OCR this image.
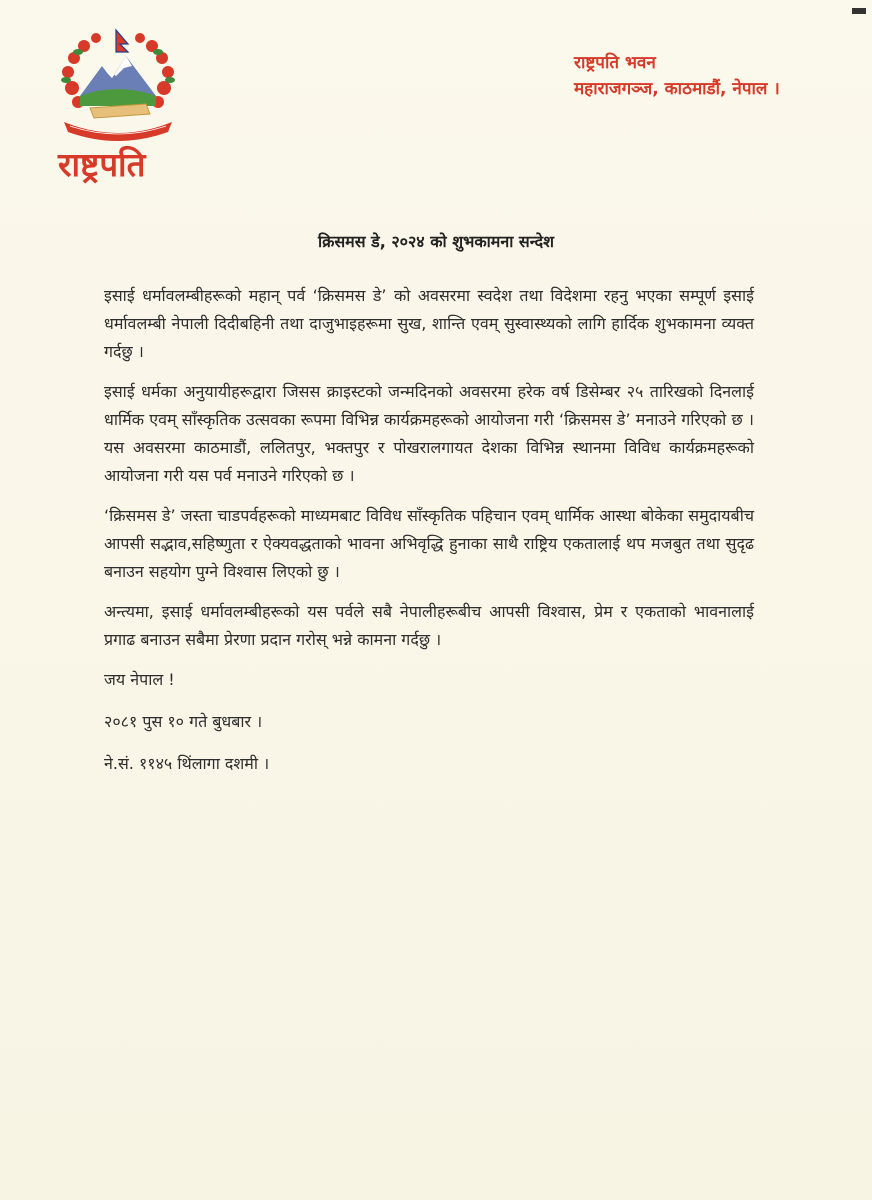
राष्ट्रपति
राष्ट्रपति भवन
महाराजगञ्ज, काठमाडौं, नेपाल ।
क्रिसमस डे, २०२४ को शुभकामना सन्देश

इसाई धर्मावलम्बीहरूको महान् पर्व ‘क्रिसमस डे’ को अवसरमा स्वदेश तथा विदेशमा रहनु भएका सम्पूर्ण इसाई धर्मावलम्बी नेपाली दिदीबहिनी तथा दाजुभाइहरूमा सुख, शान्ति एवम् सुस्वास्थ्यको लागि हार्दिक शुभकामना व्यक्त गर्दछु ।

इसाई धर्मका अनुयायीहरूद्वारा जिसस क्राइस्टको जन्मदिनको अवसरमा हरेक वर्ष डिसेम्बर २५ तारिखको दिनलाई धार्मिक एवम् साँस्कृतिक उत्सवका रूपमा विभिन्न कार्यक्रमहरूको आयोजना गरी ‘क्रिसमस डे’ मनाउने गरिएको छ । यस अवसरमा काठमाडौं, ललितपुर, भक्तपुर र पोखरालगायत देशका विभिन्न स्थानमा विविध कार्यक्रमहरूको आयोजना गरी यस पर्व मनाउने गरिएको छ ।

‘क्रिसमस डे’ जस्ता चाडपर्वहरूको माध्यमबाट विविध साँस्कृतिक पहिचान एवम् धार्मिक आस्था बोकेका समुदायबीच आपसी सद्भाव,सहिष्णुता र ऐक्यवद्धताको भावना अभिवृद्धि हुनाका साथै राष्ट्रिय एकतालाई थप मजबुत तथा सुदृढ बनाउन सहयोग पुग्ने विश्वास लिएको छु ।

अन्त्यमा, इसाई धर्मावलम्बीहरूको यस पर्वले सबै नेपालीहरूबीच आपसी विश्वास, प्रेम र एकताको भावनालाई प्रगाढ बनाउन सबैमा प्रेरणा प्रदान गरोस् भन्ने कामना गर्दछु ।

जय नेपाल !

२०८१ पुस १० गते बुधबार ।

ने.सं. ११४५ थिंलागा दशमी ।
